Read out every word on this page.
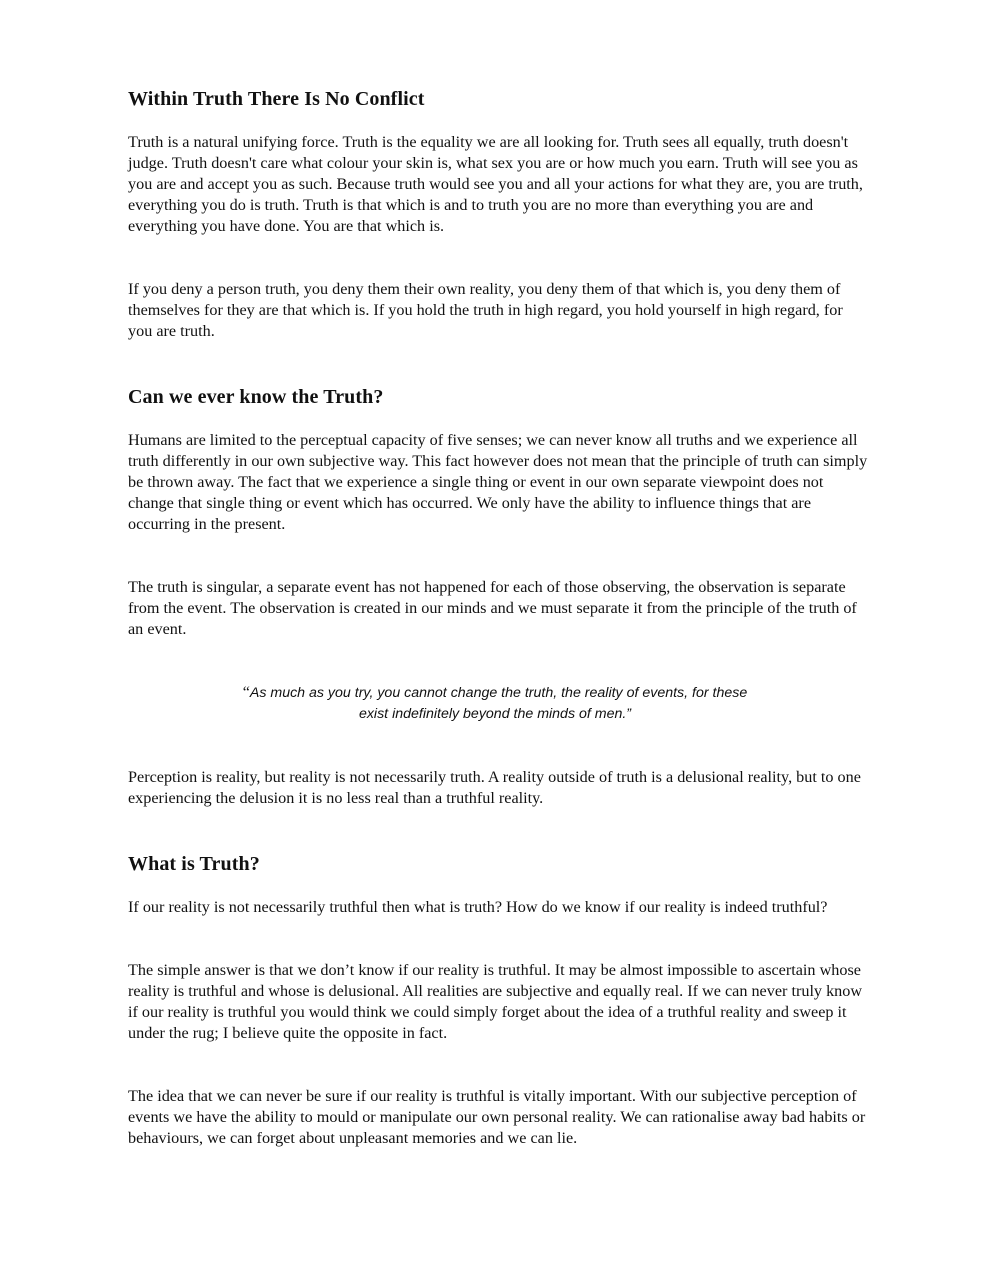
Within Truth There Is No Conflict

Truth is a natural unifying force. Truth is the equality we are all looking for. Truth sees all equally, truth doesn't judge. Truth doesn't care what colour your skin is, what sex you are or how much you earn. Truth will see you as you are and accept you as such. Because truth would see you and all your actions for what they are, you are truth, everything you do is truth. Truth is that which is and to truth you are no more than everything you are and everything you have done. You are that which is.

If you deny a person truth, you deny them their own reality, you deny them of that which is, you deny them of themselves for they are that which is. If you hold the truth in high regard, you hold yourself in high regard, for you are truth.

Can we ever know the Truth?

Humans are limited to the perceptual capacity of five senses; we can never know all truths and we experience all truth differently in our own subjective way. This fact however does not mean that the principle of truth can simply be thrown away. The fact that we experience a single thing or event in our own separate viewpoint does not change that single thing or event which has occurred. We only have the ability to influence things that are occurring in the present.

The truth is singular, a separate event has not happened for each of those observing, the observation is separate from the event. The observation is created in our minds and we must separate it from the principle of the truth of an event.

“As much as you try, you cannot change the truth, the reality of events, for these
exist indefinitely beyond the minds of men.”

Perception is reality, but reality is not necessarily truth. A reality outside of truth is a delusional reality, but to one experiencing the delusion it is no less real than a truthful reality.

What is Truth?

If our reality is not necessarily truthful then what is truth? How do we know if our reality is indeed truthful?

The simple answer is that we don’t know if our reality is truthful. It may be almost impossible to ascertain whose reality is truthful and whose is delusional. All realities are subjective and equally real. If we can never truly know if our reality is truthful you would think we could simply forget about the idea of a truthful reality and sweep it under the rug; I believe quite the opposite in fact.

The idea that we can never be sure if our reality is truthful is vitally important. With our subjective perception of events we have the ability to mould or manipulate our own personal reality. We can rationalise away bad habits or behaviours, we can forget about unpleasant memories and we can lie.
